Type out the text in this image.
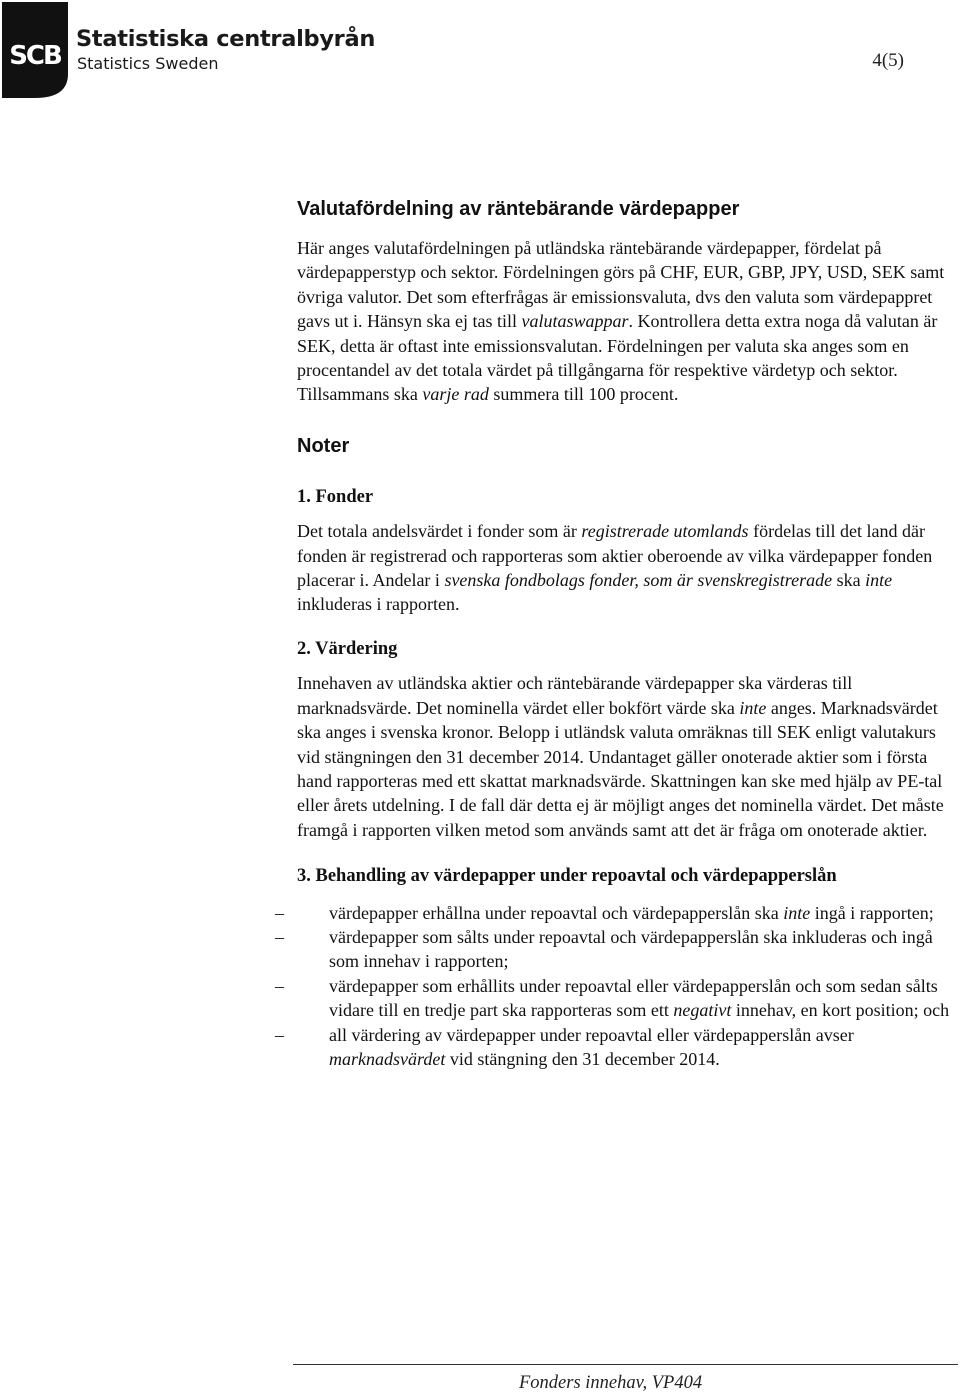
SCB
Statistiska centralbyrån
Statistics Sweden	4(5)
Valutafördelning av räntebärande värdepapper

Här anges valutafördelningen på utländska räntebärande värdepapper, fördelat på värdepapperstyp och sektor. Fördelningen görs på CHF, EUR, GBP, JPY, USD, SEK samt övriga valutor. Det som efterfrågas är emissionsvaluta, dvs den valuta som värdepappret gavs ut i. Hänsyn ska ej tas till valutaswappar. Kontrollera detta extra noga då valutan är SEK, detta är oftast inte emissionsvalutan. Fördelningen per valuta ska anges som en procentandel av det totala värdet på tillgångarna för respektive värdetyp och sektor. Tillsammans ska varje rad summera till 100 procent.

Noter

1. Fonder

Det totala andelsvärdet i fonder som är registrerade utomlands fördelas till det land där fonden är registrerad och rapporteras som aktier oberoende av vilka värdepapper fonden placerar i. Andelar i svenska fondbolags fonder, som är svenskregistrerade ska inte inkluderas i rapporten.

2. Värdering

Innehaven av utländska aktier och räntebärande värdepapper ska värderas till marknadsvärde. Det nominella värdet eller bokfört värde ska inte anges. Marknadsvärdet ska anges i svenska kronor. Belopp i utländsk valuta omräknas till SEK enligt valutakurs vid stängningen den 31 december 2014. Undantaget gäller onoterade aktier som i första hand rapporteras med ett skattat marknadsvärde. Skattningen kan ske med hjälp av PE-tal eller årets utdelning. I de fall där detta ej är möjligt anges det nominella värdet. Det måste framgå i rapporten vilken metod som används samt att det är fråga om onoterade aktier.

3. Behandling av värdepapper under repoavtal och värdepapperslån

–	värdepapper erhållna under repoavtal och värdepapperslån ska inte ingå i rapporten;
–	värdepapper som sålts under repoavtal och värdepapperslån ska inkluderas och ingå som innehav i rapporten;
–	värdepapper som erhållits under repoavtal eller värdepapperslån och som sedan sålts vidare till en tredje part ska rapporteras som ett negativt innehav, en kort position; och
–	all värdering av värdepapper under repoavtal eller värdepapperslån avser marknadsvärdet vid stängning den 31 december 2014.
Fonders innehav, VP404
